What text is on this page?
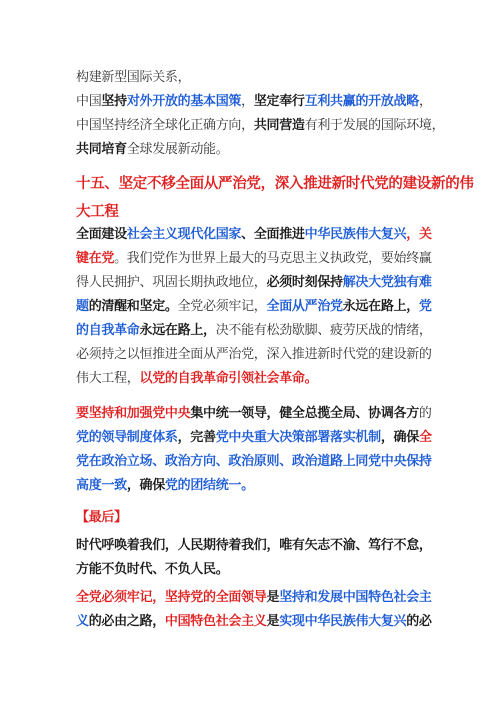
构建新型国际关系，
中国坚持对外开放的基本国策，坚定奉行互利共赢的开放战略，
中国坚持经济全球化正确方向，共同营造有利于发展的国际环境，
共同培育全球发展新动能。
十五、坚定不移全面从严治党，深入推进新时代党的建设新的伟
大工程
全面建设社会主义现代化国家、全面推进中华民族伟大复兴，关
键在党。我们党作为世界上最大的马克思主义执政党，要始终赢
得人民拥护、巩固长期执政地位，必须时刻保持解决大党独有难
题的清醒和坚定。全党必须牢记，全面从严治党永远在路上，党
的自我革命永远在路上，决不能有松劲歇脚、疲劳厌战的情绪，
必须持之以恒推进全面从严治党，深入推进新时代党的建设新的
伟大工程，以党的自我革命引领社会革命。
要坚持和加强党中央集中统一领导，健全总揽全局、协调各方的
党的领导制度体系，完善党中央重大决策部署落实机制，确保全
党在政治立场、政治方向、政治原则、政治道路上同党中央保持
高度一致，确保党的团结统一。
【最后】
时代呼唤着我们，人民期待着我们，唯有矢志不渝、笃行不怠，
方能不负时代、不负人民。
全党必须牢记，坚持党的全面领导是坚持和发展中国特色社会主
义的必由之路，中国特色社会主义是实现中华民族伟大复兴的必
